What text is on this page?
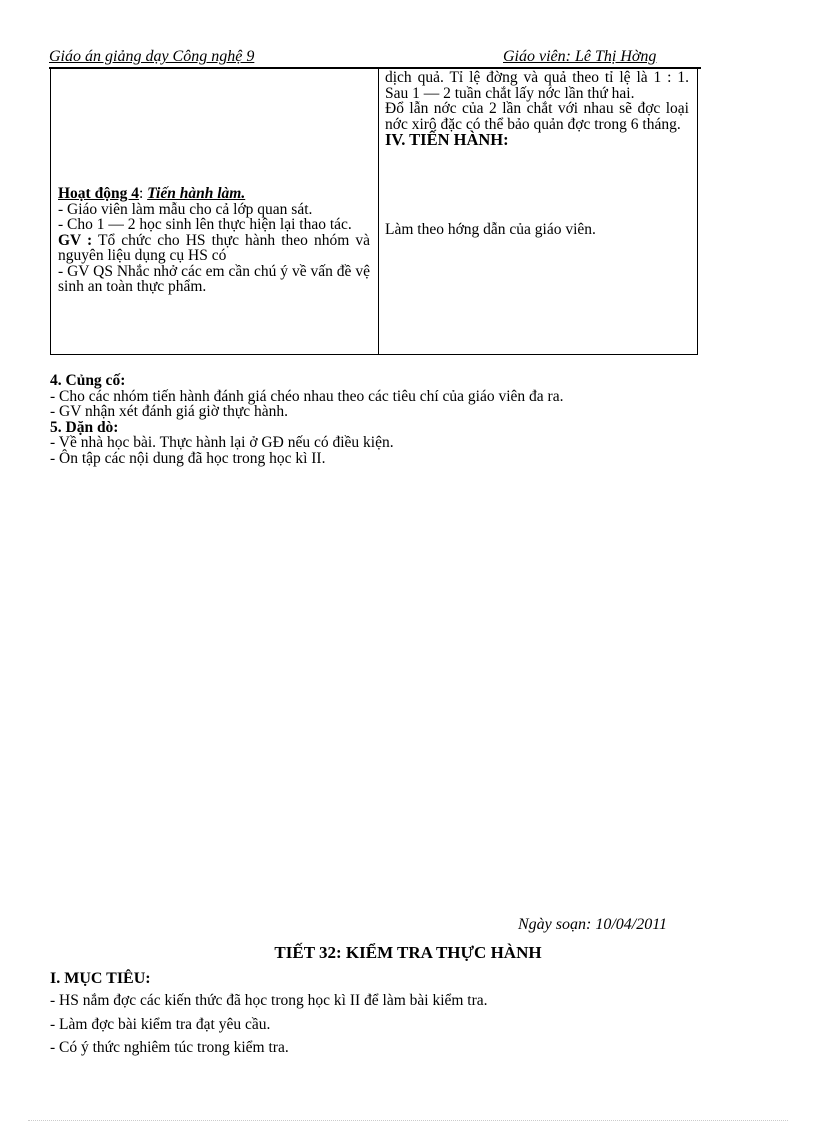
Giáo án giảng dạy Công nghệ 9	Giáo viên: Lê Thị Hờng

dịch quả. Tỉ lệ đờng và quả theo tỉ lệ là 1 : 1. Sau 1 — 2 tuần chắt lấy nớc lần thứ hai.

Đổ lẫn nớc của 2 lần chắt với nhau sẽ đợc loại nớc xirô đặc có thể bảo quản đợc trong 6 tháng.

IV. TIẾN HÀNH:

Làm theo hớng dẫn của giáo viên.

Hoạt động 4: Tiến hành làm.

- Giáo viên làm mẫu cho cả lớp quan sát.

- Cho 1 — 2 học sinh lên thực hiện lại thao tác.

GV : Tổ chức cho HS thực hành theo nhóm và nguyên liệu dụng cụ HS có

- GV QS Nhắc nhở các em cần chú ý về vấn đề vệ sinh an toàn thực phẩm.

4. Củng cố:

- Cho các nhóm tiến hành đánh giá chéo nhau theo các tiêu chí của giáo viên đa ra.

- GV nhận xét đánh giá giờ thực hành.

5. Dặn dò:

- Về nhà học bài. Thực hành lại ở GĐ nếu có điều kiện.

- Ôn tập các nội dung đã học trong học kì II.

Ngày soạn: 10/04/2011
TIẾT 32: KIỂM TRA THỰC HÀNH
I. MỤC TIÊU:

- HS nắm đợc các kiến thức đã học trong học kì II để làm bài kiểm tra.

- Làm đợc bài kiểm tra đạt yêu cầu.

- Có ý thức nghiêm túc trong kiểm tra.
